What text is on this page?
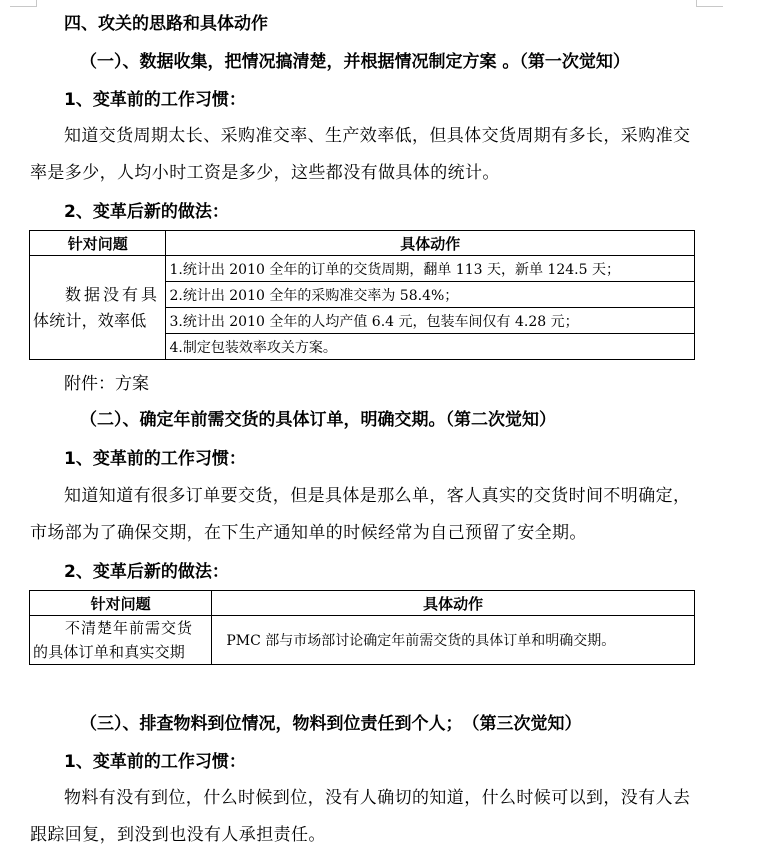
四、攻关的思路和具体动作
（一）、数据收集，把情况搞清楚，并根据情况制定方案 。（第一次觉知）
1、变革前的工作习惯：
知道交货周期太长、采购准交率、生产效率低，但具体交货周期有多长，采购准交率是多少，人均小时工资是多少，这些都没有做具体的统计。
2、变革后新的做法：
针对问题	具体动作

数据没有具
体统计，效率低	1.统计出 2010 全年的订单的交货周期，翻单 113 天，新单 124.5 天；
	2.统计出 2010 全年的采购准交率为 58.4%；
	3.统计出 2010 全年的人均产值 6.4 元，包装车间仅有 4.28 元；
	4.制定包装效率攻关方案。
附件：方案
（二）、确定年前需交货的具体订单，明确交期。（第二次觉知）
1、变革前的工作习惯：
知道知道有很多订单要交货，但是具体是那么单，客人真实的交货时间不明确定，市场部为了确保交期，在下生产通知单的时候经常为自己预留了安全期。
2、变革后新的做法：
针对问题	具体动作

不清楚年前需交货
的具体订单和真实交期	PMC 部与市场部讨论确定年前需交货的具体订单和明确交期。
（三）、排查物料到位情况，物料到位责任到个人；　（第三次觉知）
1、变革前的工作习惯：
物料有没有到位，什么时候到位，没有人确切的知道，什么时候可以到，没有人去跟踪回复，到没到也没有人承担责任。
